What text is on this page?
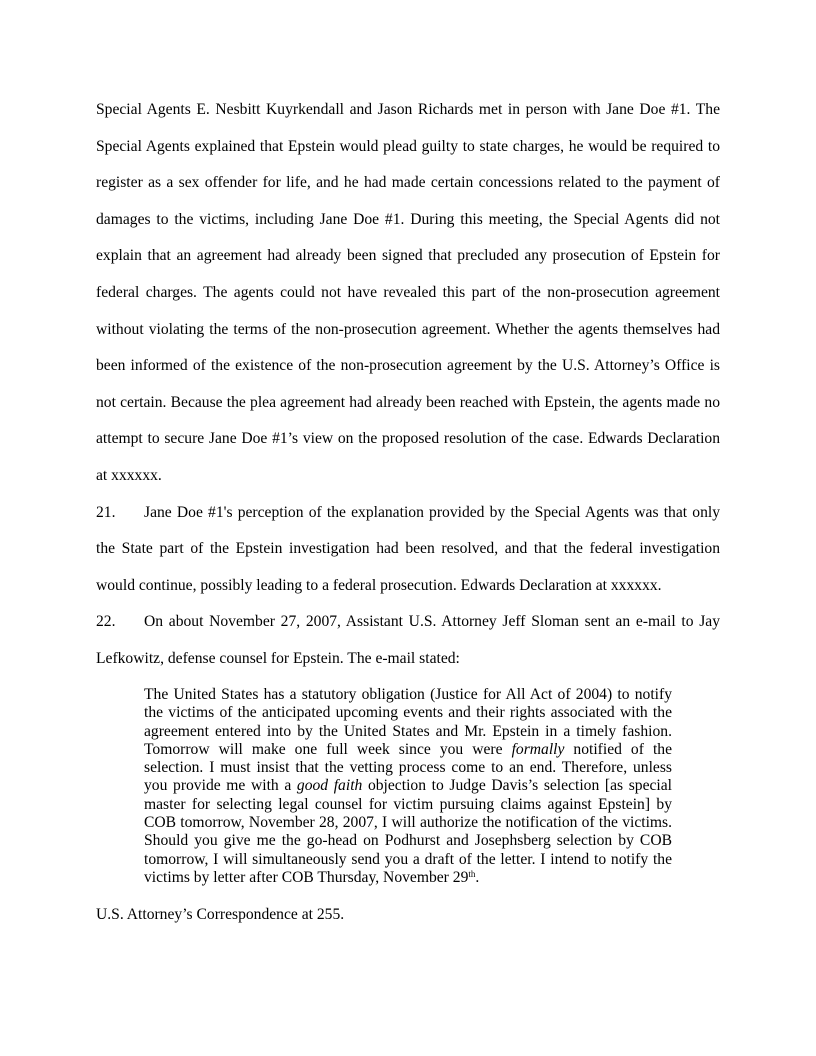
Special Agents E. Nesbitt Kuyrkendall and Jason Richards met in person with Jane Doe #1. The Special Agents explained that Epstein would plead guilty to state charges, he would be required to register as a sex offender for life, and he had made certain concessions related to the payment of damages to the victims, including Jane Doe #1. During this meeting, the Special Agents did not explain that an agreement had already been signed that precluded any prosecution of Epstein for federal charges. The agents could not have revealed this part of the non-prosecution agreement without violating the terms of the non-prosecution agreement. Whether the agents themselves had been informed of the existence of the non-prosecution agreement by the U.S. Attorney’s Office is not certain. Because the plea agreement had already been reached with Epstein, the agents made no attempt to secure Jane Doe #1’s view on the proposed resolution of the case. Edwards Declaration at xxxxxx.

21. Jane Doe #1's perception of the explanation provided by the Special Agents was that only the State part of the Epstein investigation had been resolved, and that the federal investigation would continue, possibly leading to a federal prosecution. Edwards Declaration at xxxxxx.

22. On about November 27, 2007, Assistant U.S. Attorney Jeff Sloman sent an e-mail to Jay Lefkowitz, defense counsel for Epstein. The e-mail stated:

The United States has a statutory obligation (Justice for All Act of 2004) to notify the victims of the anticipated upcoming events and their rights associated with the agreement entered into by the United States and Mr. Epstein in a timely fashion. Tomorrow will make one full week since you were formally notified of the selection. I must insist that the vetting process come to an end. Therefore, unless you provide me with a good faith objection to Judge Davis’s selection [as special master for selecting legal counsel for victim pursuing claims against Epstein] by COB tomorrow, November 28, 2007, I will authorize the notification of the victims. Should you give me the go-head on Podhurst and Josephsberg selection by COB tomorrow, I will simultaneously send you a draft of the letter. I intend to notify the victims by letter after COB Thursday, November 29th.

U.S. Attorney’s Correspondence at 255.
